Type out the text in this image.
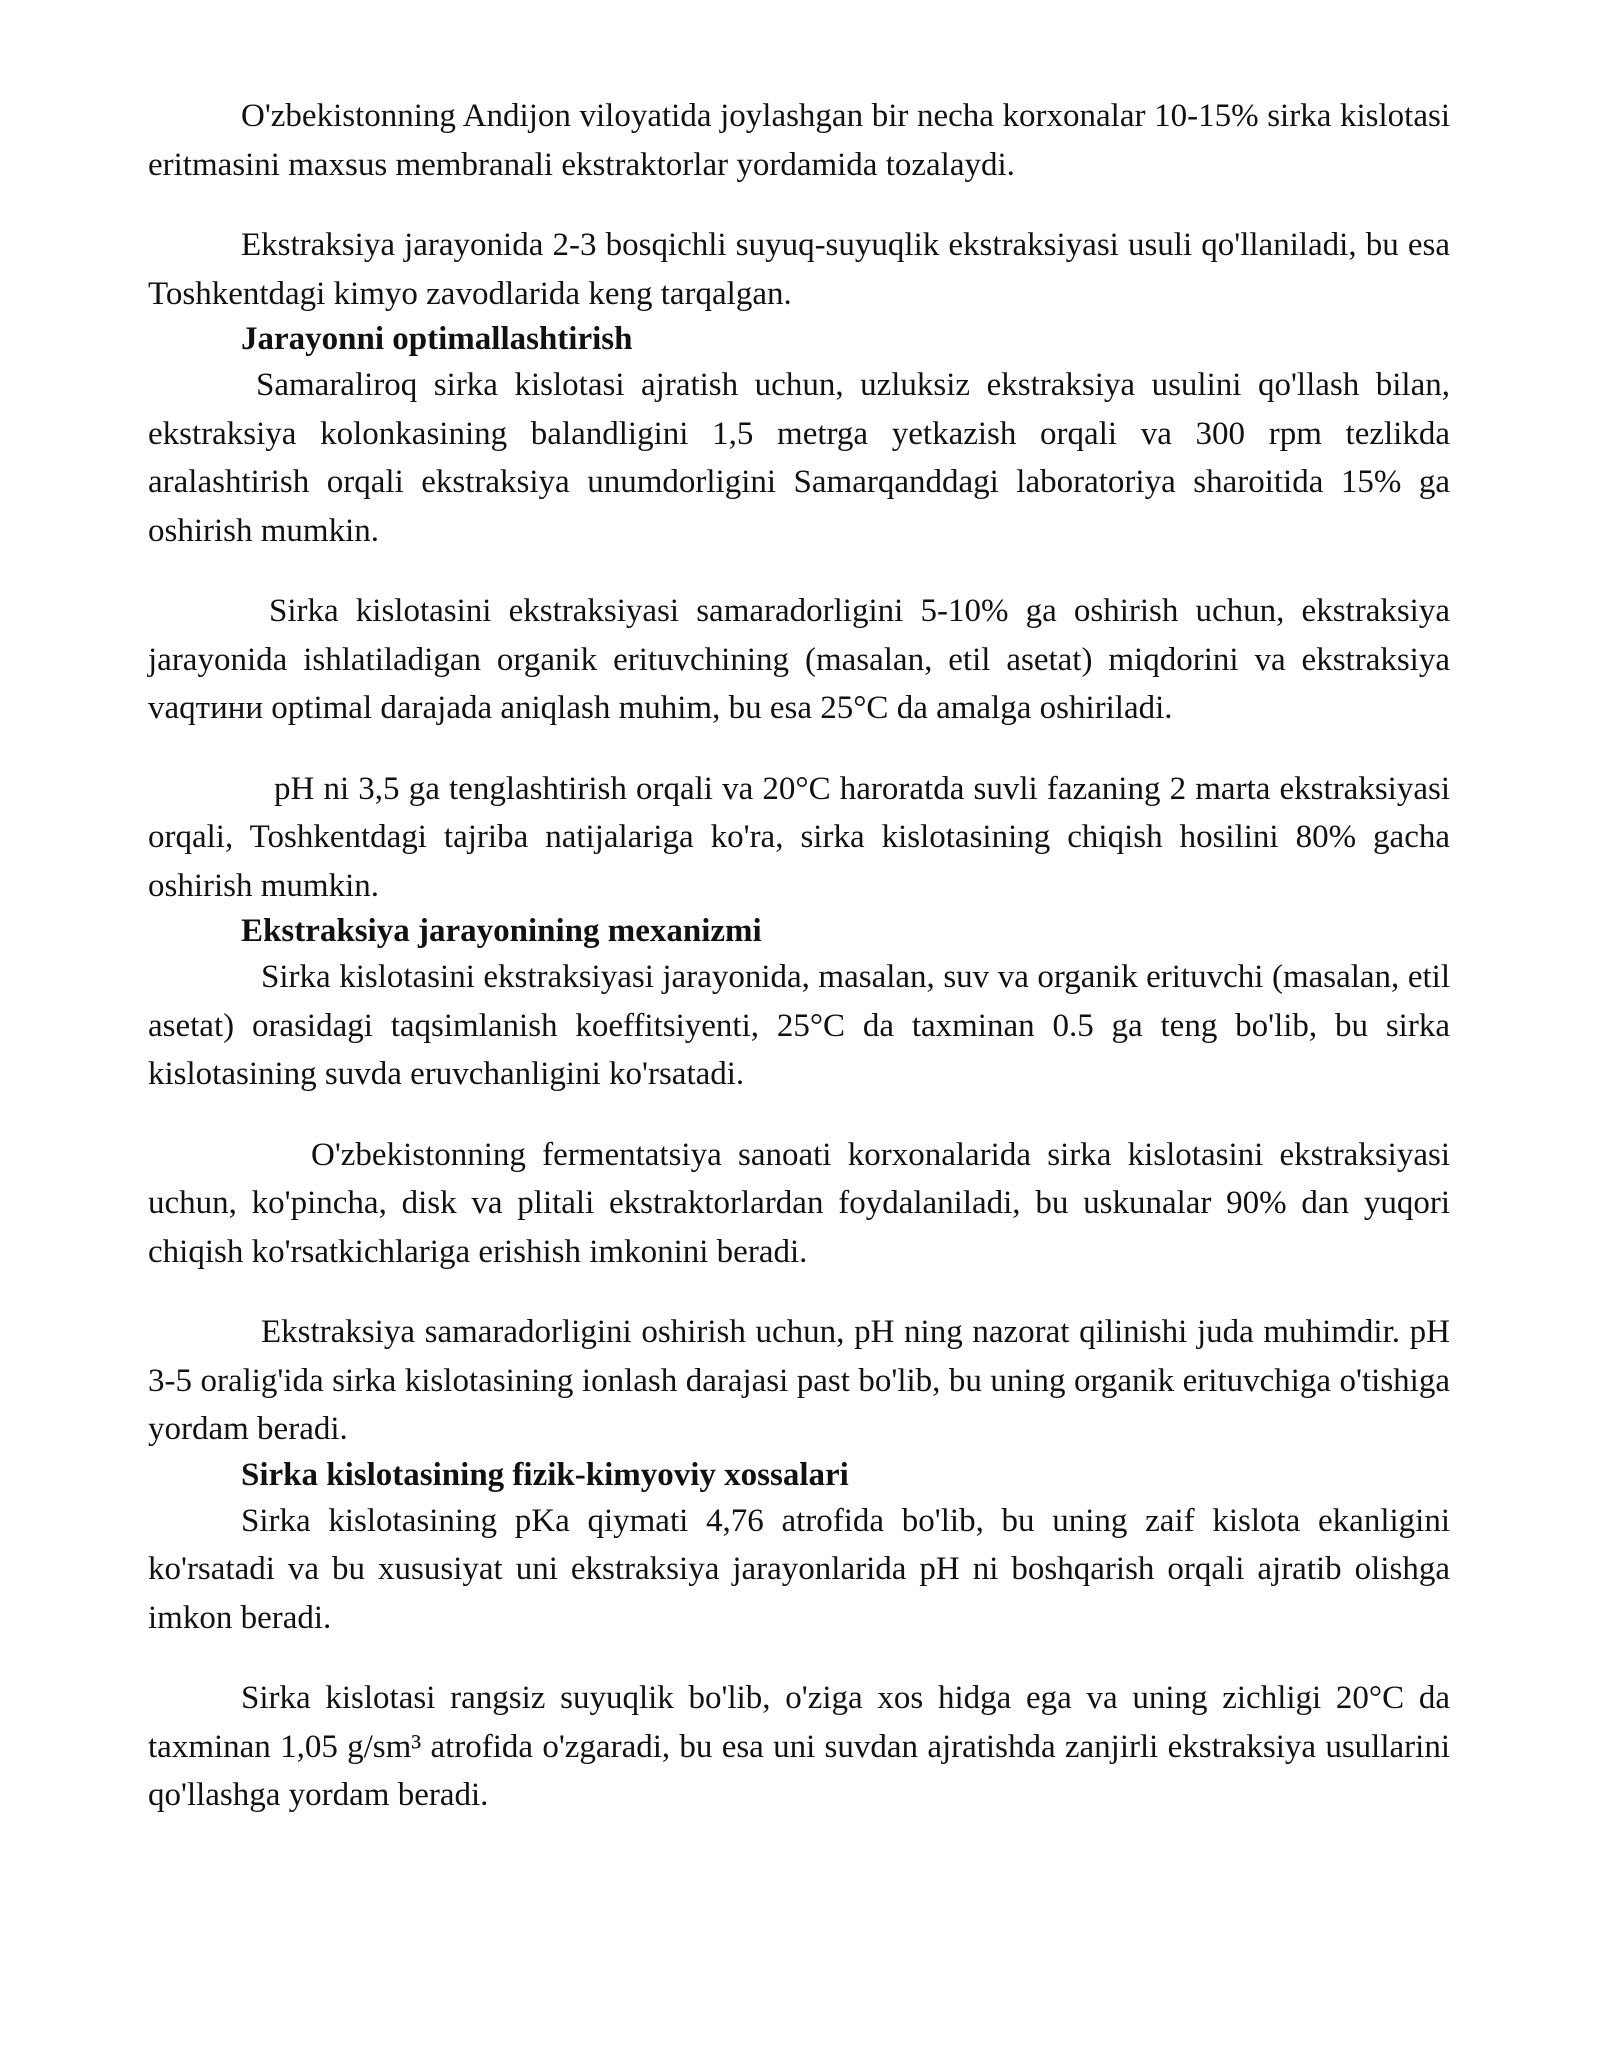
O'zbekistonning Andijon viloyatida joylashgan bir necha korxonalar 10-15% sirka kislotasi eritmasini maxsus membranali ekstraktorlar yordamida tozalaydi.

Ekstraksiya jarayonida 2-3 bosqichli suyuq-suyuqlik ekstraksiyasi usuli qo'llaniladi, bu esa Toshkentdagi kimyo zavodlarida keng tarqalgan.

Jarayonni optimallashtirish

Samaraliroq sirka kislotasi ajratish uchun, uzluksiz ekstraksiya usulini qo'llash bilan, ekstraksiya kolonkasining balandligini 1,5 metrga yetkazish orqali va 300 rpm tezlikda aralashtirish orqali ekstraksiya unumdorligini Samarqanddagi laboratoriya sharoitida 15% ga oshirish mumkin.

Sirka kislotasini ekstraksiyasi samaradorligini 5-10% ga oshirish uchun, ekstraksiya jarayonida ishlatiladigan organik erituvchining (masalan, etil asetat) miqdorini va ekstraksiya vaqтини optimal darajada aniqlash muhim, bu esa 25°C da amalga oshiriladi.

pH ni 3,5 ga tenglashtirish orqali va 20°C haroratda suvli fazaning 2 marta ekstraksiyasi orqali, Toshkentdagi tajriba natijalariga ko'ra, sirka kislotasining chiqish hosilini 80% gacha oshirish mumkin.

Ekstraksiya jarayonining mexanizmi

Sirka kislotasini ekstraksiyasi jarayonida, masalan, suv va organik erituvchi (masalan, etil asetat) orasidagi taqsimlanish koeffitsiyenti, 25°C da taxminan 0.5 ga teng bo'lib, bu sirka kislotasining suvda eruvchanligini ko'rsatadi.

O'zbekistonning fermentatsiya sanoati korxonalarida sirka kislotasini ekstraksiyasi uchun, ko'pincha, disk va plitali ekstraktorlardan foydalaniladi, bu uskunalar 90% dan yuqori chiqish ko'rsatkichlariga erishish imkonini beradi.

Ekstraksiya samaradorligini oshirish uchun, pH ning nazorat qilinishi juda muhimdir. pH 3-5 oralig'ida sirka kislotasining ionlash darajasi past bo'lib, bu uning organik erituvchiga o'tishiga yordam beradi.

Sirka kislotasining fizik-kimyoviy xossalari

Sirka kislotasining pKa qiymati 4,76 atrofida bo'lib, bu uning zaif kislota ekanligini ko'rsatadi va bu xususiyat uni ekstraksiya jarayonlarida pH ni boshqarish orqali ajratib olishga imkon beradi.

Sirka kislotasi rangsiz suyuqlik bo'lib, o'ziga xos hidga ega va uning zichligi 20°C da taxminan 1,05 g/sm³ atrofida o'zgaradi, bu esa uni suvdan ajratishda zanjirli ekstraksiya usullarini qo'llashga yordam beradi.
